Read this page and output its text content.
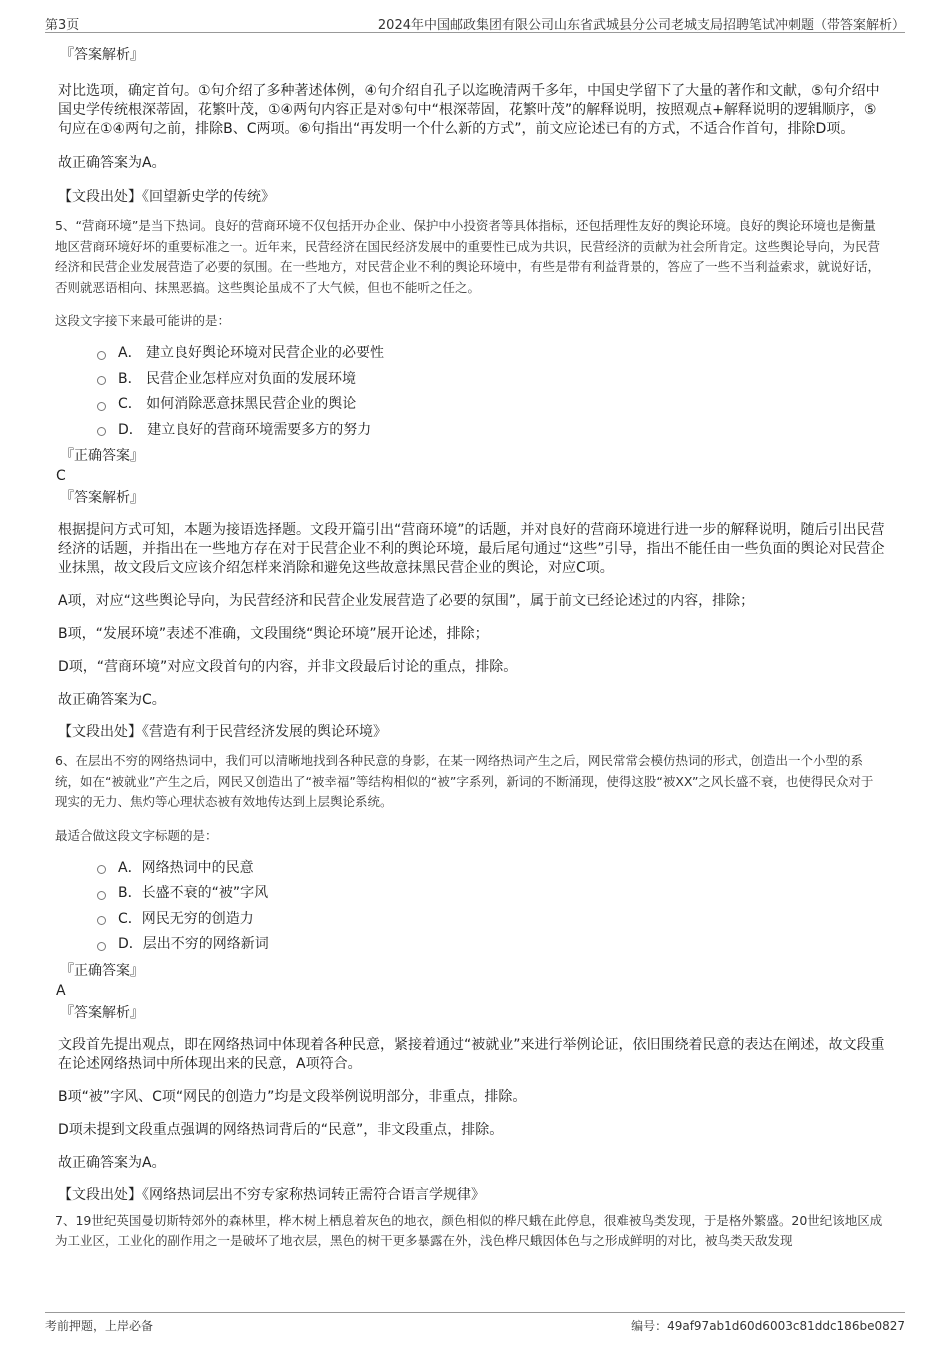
第3页	2024年中国邮政集团有限公司山东省武城县分公司老城支局招聘笔试冲刺题（带答案解析）
『答案解析』
对比选项，确定首句。①句介绍了多种著述体例，④句介绍自孔子以迄晚清两千多年，中国史学留下了大量的著作和文献，⑤句介绍中国史学传统根深蒂固，花繁叶茂，①④两句内容正是对⑤句中“根深蒂固，花繁叶茂”的解释说明，按照观点+解释说明的逻辑顺序，⑤句应在①④两句之前，排除B、C两项。⑥句指出“再发明一个什么新的方式”，前文应论述已有的方式，不适合作首句，排除D项。
故正确答案为A。
【文段出处】《回望新史学的传统》
5、“营商环境”是当下热词。良好的营商环境不仅包括开办企业、保护中小投资者等具体指标，还包括理性友好的舆论环境。良好的舆论环境也是衡量地区营商环境好坏的重要标准之一。近年来，民营经济在国民经济发展中的重要性已成为共识，民营经济的贡献为社会所肯定。这些舆论导向，为民营经济和民营企业发展营造了必要的氛围。在一些地方，对民营企业不利的舆论环境中，有些是带有利益背景的，答应了一些不当利益索求，就说好话，否则就恶语相向、抹黑恶搞。这些舆论虽成不了大气候，但也不能听之任之。
这段文字接下来最可能讲的是：
A． 建立良好舆论环境对民营企业的必要性
B． 民营企业怎样应对负面的发展环境
C． 如何消除恶意抹黑民营企业的舆论
D． 建立良好的营商环境需要多方的努力
『正确答案』
C
『答案解析』
根据提问方式可知，本题为接语选择题。文段开篇引出“营商环境”的话题，并对良好的营商环境进行进一步的解释说明，随后引出民营经济的话题，并指出在一些地方存在对于民营企业不利的舆论环境，最后尾句通过“这些”引导，指出不能任由一些负面的舆论对民营企业抹黑，故文段后文应该介绍怎样来消除和避免这些故意抹黑民营企业的舆论，对应C项。
A项，对应“这些舆论导向，为民营经济和民营企业发展营造了必要的氛围”，属于前文已经论述过的内容，排除；
B项，“发展环境”表述不准确，文段围绕“舆论环境”展开论述，排除；
D项，“营商环境”对应文段首句的内容，并非文段最后讨论的重点，排除。
故正确答案为C。
【文段出处】《营造有利于民营经济发展的舆论环境》
6、在层出不穷的网络热词中，我们可以清晰地找到各种民意的身影，在某一网络热词产生之后，网民常常会模仿热词的形式，创造出一个小型的系统，如在“被就业”产生之后，网民又创造出了“被幸福”等结构相似的“被”字系列，新词的不断涌现，使得这股“被XX”之风长盛不衰，也使得民众对于现实的无力、焦灼等心理状态被有效地传达到上层舆论系统。
最适合做这段文字标题的是：
A．网络热词中的民意
B．长盛不衰的“被”字风
C．网民无穷的创造力
D．层出不穷的网络新词
『正确答案』
A
『答案解析』
文段首先提出观点，即在网络热词中体现着各种民意，紧接着通过“被就业”来进行举例论证，依旧围绕着民意的表达在阐述，故文段重在论述网络热词中所体现出来的民意，A项符合。
B项“被”字风、C项“网民的创造力”均是文段举例说明部分，非重点，排除。
D项未提到文段重点强调的网络热词背后的“民意”，非文段重点，排除。
故正确答案为A。
【文段出处】《网络热词层出不穷专家称热词转正需符合语言学规律》
7、19世纪英国曼切斯特郊外的森林里，桦木树上栖息着灰色的地衣，颜色相似的桦尺蛾在此停息，很难被鸟类发现，于是格外繁盛。20世纪该地区成为工业区，工业化的副作用之一是破坏了地衣层，黑色的树干更多暴露在外，浅色桦尺蛾因体色与之形成鲜明的对比，被鸟类天敌发现
考前押题，上岸必备	编号：49af97ab1d60d6003c81ddc186be0827
